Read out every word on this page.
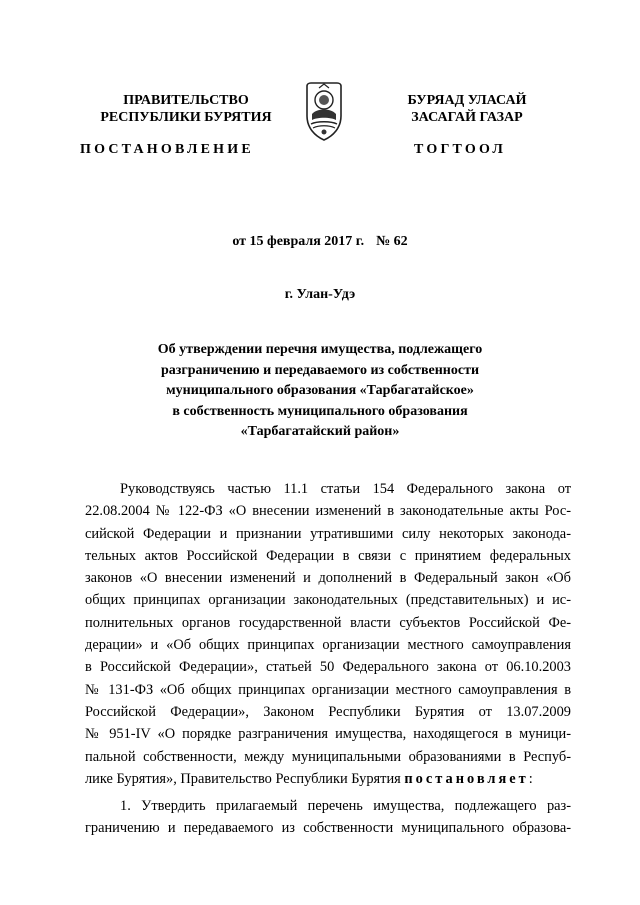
ПРАВИТЕЛЬСТВО
РЕСПУБЛИКИ БУРЯТИЯ
БУРЯАД УЛАСАЙ
ЗАСАГАЙ ГАЗАР
ПОСТАНОВЛЕНИЕ	ТОГТООЛ
от 15 февраля 2017 г. № 62
г. Улан-Удэ
Об утверждении перечня имущества, подлежащего
разграничению и передаваемого из собственности
муниципального образования «Тарбагатайское»
в собственность муниципального образования
«Тарбагатайский район»
Руководствуясь частью 11.1 статьи 154 Федерального закона от
22.08.2004 № 122-ФЗ «О внесении изменений в законодательные акты Рос-
сийской Федерации и признании утратившими силу некоторых законода-
тельных актов Российской Федерации в связи с принятием федеральных
законов «О внесении изменений и дополнений в Федеральный закон «Об
общих принципах организации законодательных (представительных) и ис-
полнительных органов государственной власти субъектов Российской Фе-
дерации» и «Об общих принципах организации местного самоуправления
в Российской Федерации», статьей 50 Федерального закона от 06.10.2003
№ 131-ФЗ «Об общих принципах организации местного самоуправления в
Российской Федерации», Законом Республики Бурятия от 13.07.2009
№ 951-IV «О порядке разграничения имущества, находящегося в муници-
пальной собственности, между муниципальными образованиями в Респуб-
лике Бурятия», Правительство Республики Бурятия постановляет:
1. Утвердить прилагаемый перечень имущества, подлежащего раз-
граничению и передаваемого из собственности муниципального образова-
